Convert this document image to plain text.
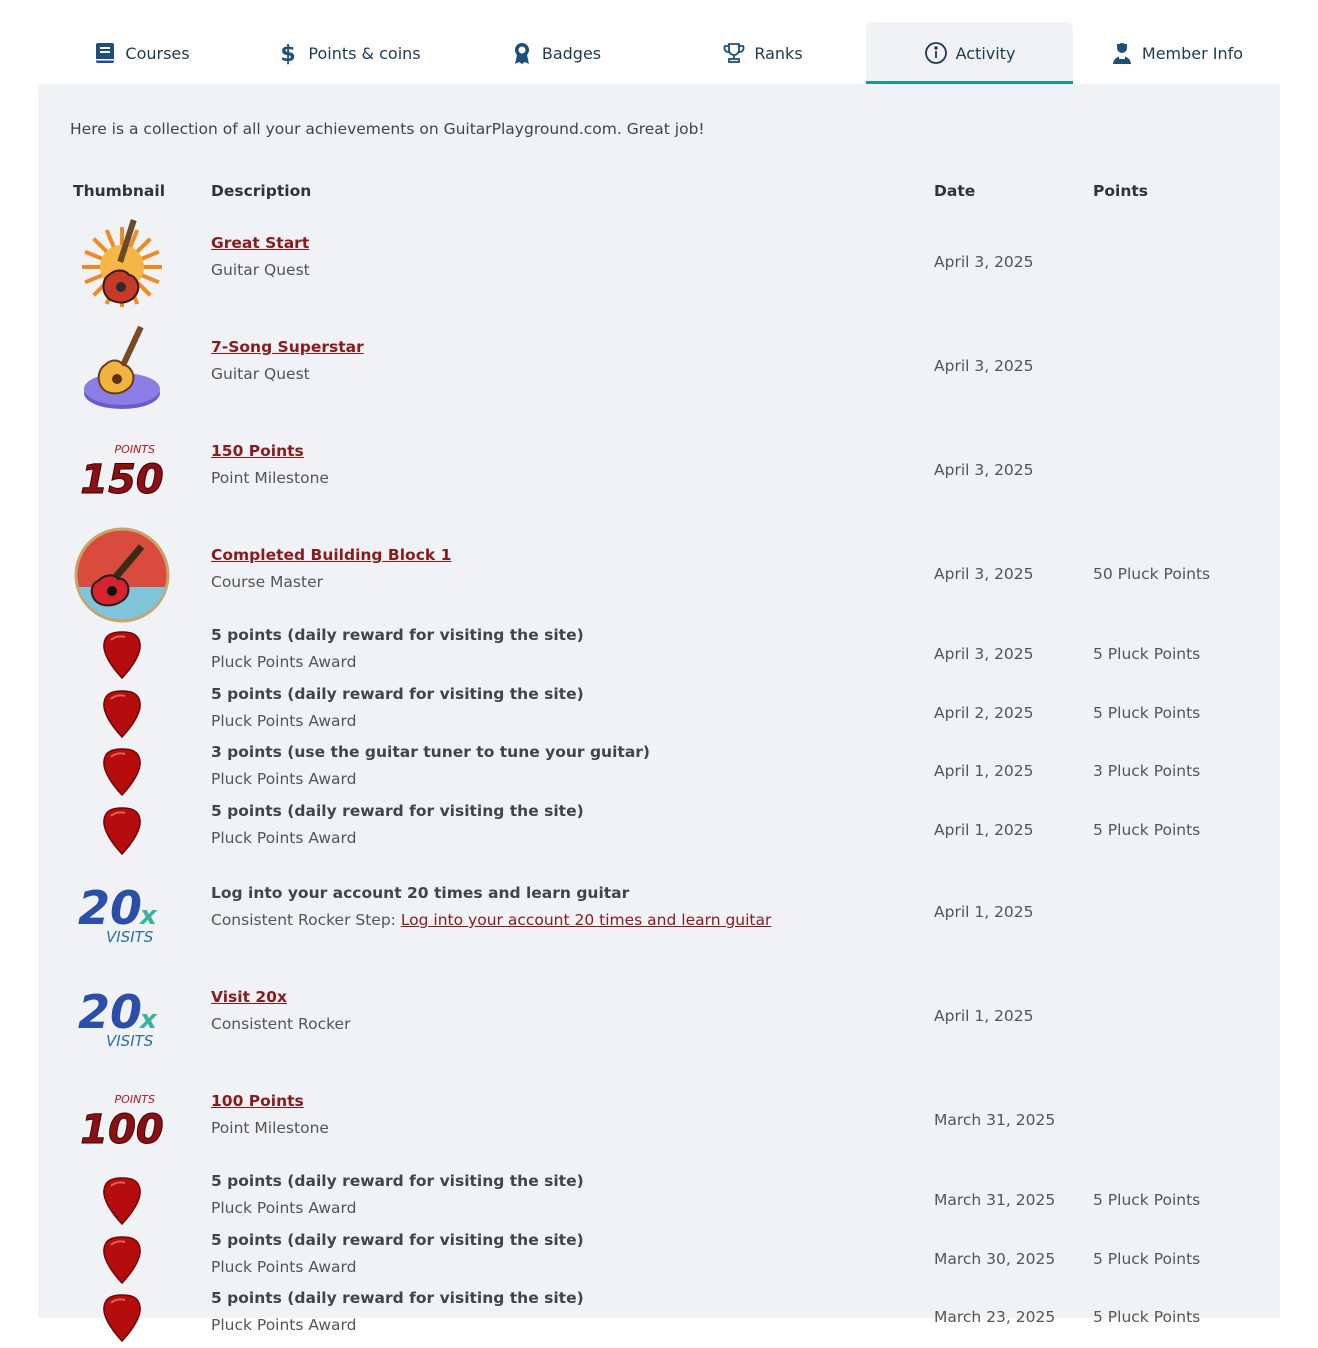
Courses	$ Points & coins	Badges	Ranks	Activity	Member Info
Here is a collection of all your achievements on GuitarPlayground.com. Great job!
Thumbnail	Description	Date	Points
Great Start
Guitar Quest	April 3, 2025
7-Song Superstar
Guitar Quest	April 3, 2025
POINTS
150
150 Points
Point Milestone	April 3, 2025
Completed Building Block 1
Course Master	April 3, 2025	50 Pluck Points
5 points (daily reward for visiting the site)
Pluck Points Award	April 3, 2025	5 Pluck Points
5 points (daily reward for visiting the site)
Pluck Points Award	April 2, 2025	5 Pluck Points
3 points (use the guitar tuner to tune your guitar)
Pluck Points Award	April 1, 2025	3 Pluck Points
5 points (daily reward for visiting the site)
Pluck Points Award	April 1, 2025	5 Pluck Points
20
x
VISITS
Log into your account 20 times and learn guitar
Consistent Rocker Step: Log into your account 20 times and learn guitar	April 1, 2025
20
x
VISITS
Visit 20x
Consistent Rocker	April 1, 2025
POINTS
100
100 Points
Point Milestone	March 31, 2025
5 points (daily reward for visiting the site)
Pluck Points Award	March 31, 2025 5 Pluck Points
5 points (daily reward for visiting the site)
Pluck Points Award	March 30, 2025 5 Pluck Points
5 points (daily reward for visiting the site)
Pluck Points Award	March 23, 2025 5 Pluck Points
